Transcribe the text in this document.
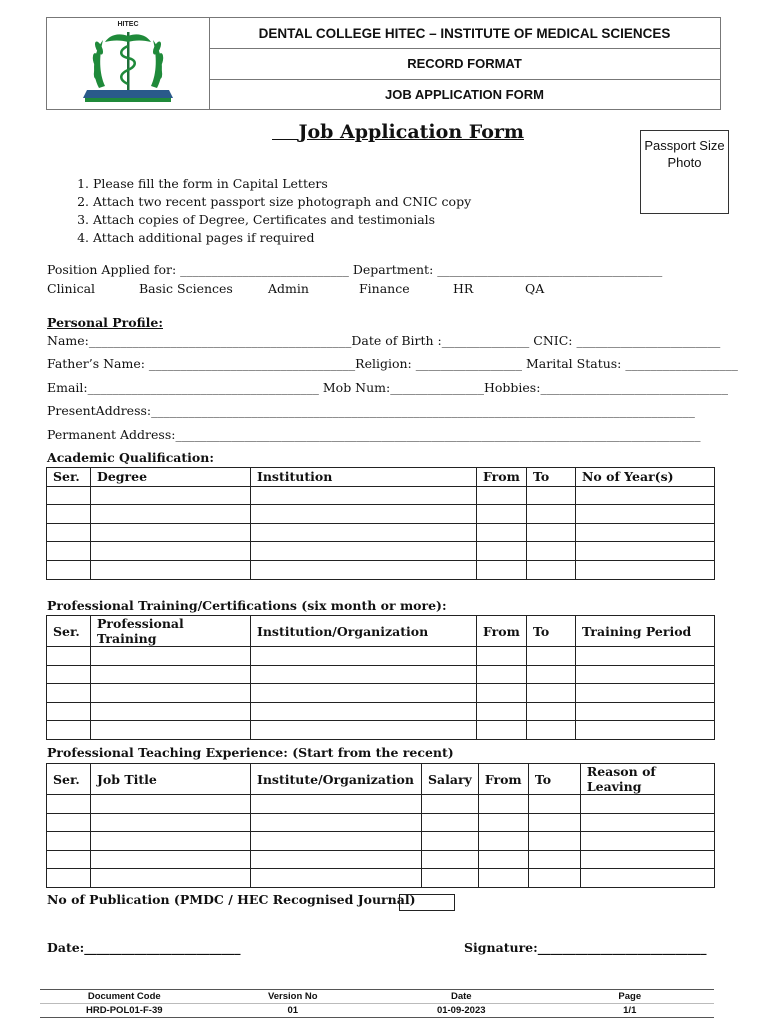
HITEC
DENTAL COLLEGE HITEC – INSTITUTE OF MEDICAL SCIENCES
RECORD FORMAT
JOB APPLICATION FORM
Job Application Form
Passport Size Photo
1. Please fill the form in Capital Letters
2. Attach two recent passport size photograph and CNIC copy
3. Attach copies of Degree, Certificates and testimonials
4. Attach additional pages if required
Position Applied for: ___________________________ Department: ____________________________________
Clinical	Basic Sciences	Admin	Finance	HR	QA
Personal Profile:
Name:__________________________________________Date of Birth :______________ CNIC: _______________________
Father’s Name: _________________________________Religion: _________________ Marital Status: __________________
Email:_____________________________________ Mob Num:_______________Hobbies:______________________________
PresentAddress:_______________________________________________________________________________________
Permanent Address:____________________________________________________________________________________
Academic Qualification:
Ser.	Degree	Institution	From	To	No of Year(s)

Professional Training/Certifications (six month or more):
Ser.	Professional Training	Institution/Organization	From	To	Training Period

Professional Teaching Experience: (Start from the recent)
Ser.	Job Title	Institute/Organization	Salary	From	To	Reason of Leaving

No of Publication (PMDC / HEC Recognised Journal)
Date:_________________________	Signature:___________________________
Document Code	Version No	Date	Page
HRD-POL01-F-39	01	01-09-2023	1/1
